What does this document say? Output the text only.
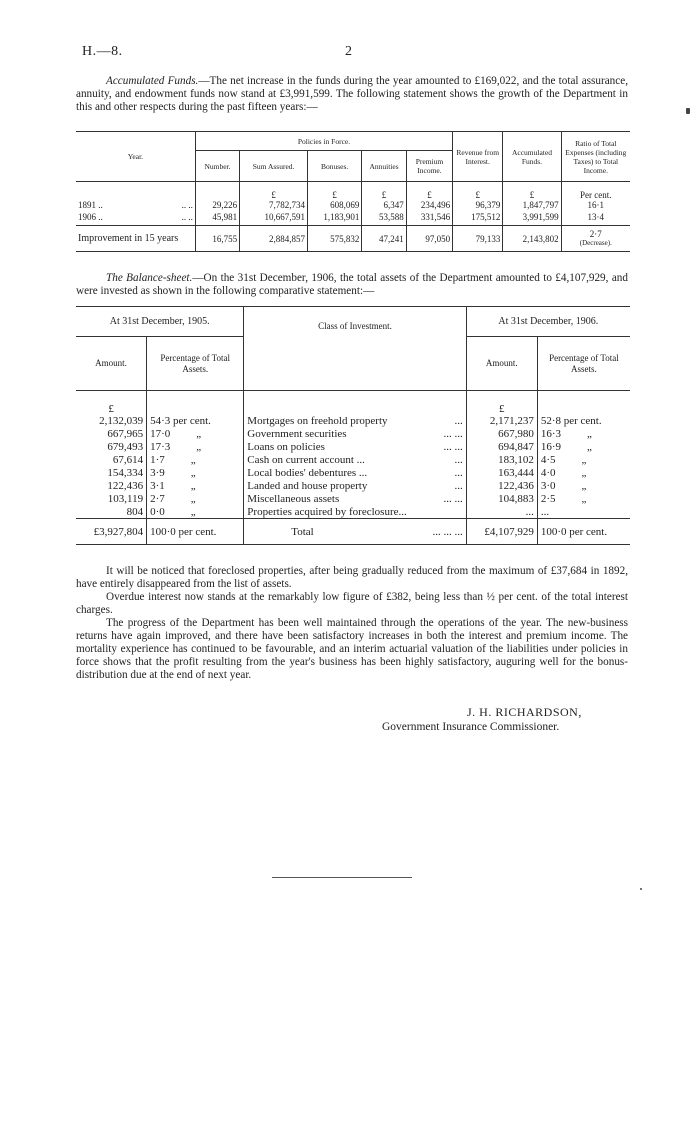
H.—8.	2
Accumulated Funds.—The net increase in the funds during the year amounted to £169,022, and the total assurance, annuity, and endowment funds now stand at £3,991,599. The following statement shows the growth of the Department in this and other respects during the past fifteen years:—
Year.	Policies in Force.					Revenue from Interest.	Accumulated Funds.	Ratio of Total Expenses (including Taxes) to Total Income.
	Number.	Sum Assured.	Bonuses.	Annuities	Premium Income.			
		£	£	£	£	£	£	Per cent.
1891 .. .. ..	29,226	7,782,734	608,069	6,347	234,496	96,379	1,847,797	16·1
1906 .. .. ..	45,981	10,667,591	1,183,901	53,588	331,546	175,512	3,991,599	13·4
Improvement in 15 years	16,755	2,884,857	575,832	47,241	97,050	79,133	2,143,802	2·7
(Decrease).
The Balance-sheet.—On the 31st December, 1906, the total assets of the Department amounted to £4,107,929, and were invested as shown in the following comparative statement:—
At 31st December, 1905.		Class of Investment.	At 31st December, 1906.	
Amount.	Percentage of Total Assets.		Amount.	Percentage of Total Assets.
£			£	
2,132,039	54·3 per cent.	Mortgages on freehold property ...	2,171,237	52·8 per cent.
667,965	17·0 „	Government securities ... ...	667,980	16·3 „
679,493	17·3 „	Loans on policies ... ...	694,847	16·9 „
67,614	1·7 „	Cash on current account ... ...	183,102	4·5 „
154,334	3·9 „	Local bodies' debentures ... ...	163,444	4·0 „
122,436	3·1 „	Landed and house property ...	122,436	3·0 „
103,119	2·7 „	Miscellaneous assets ... ...	104,883	2·5 „
804	0·0 „	Properties acquired by foreclosure...	...	...
£3,927,804	100·0 per cent.	Total ... ... ...	£4,107,929	100·0 per cent.
It will be noticed that foreclosed properties, after being gradually reduced from the maximum of £37,684 in 1892, have entirely disappeared from the list of assets.
Overdue interest now stands at the remarkably low figure of £382, being less than ½ per cent. of the total interest charges.
The progress of the Department has been well maintained through the operations of the year. The new-business returns have again improved, and there have been satisfactory increases in both the interest and premium income. The mortality experience has continued to be favourable, and an interim actuarial valuation of the liabilities under policies in force shows that the profit resulting from the year's business has been highly satisfactory, auguring well for the bonus-distribution due at the end of next year.
J. H. RICHARDSON,
Government Insurance Commissioner.
